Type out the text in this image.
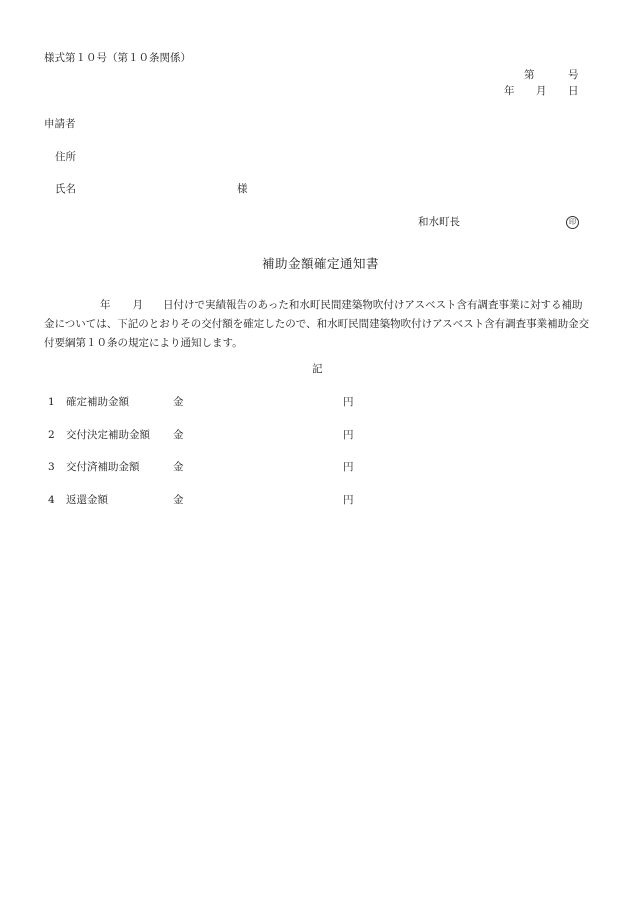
様式第１０号（第１０条関係）
第	号
年 月 日
申請者
住所
氏名	様
和水町長	印
補助金額確定通知書
年 月 日付けで実績報告のあった和水町民間建築物吹付けアスベスト含有調査事業に対する補助金については、下記のとおりその交付額を確定したので、和水町民間建築物吹付けアスベスト含有調査事業補助金交付要綱第１０条の規定により通知します。
記
1 確定補助金額	金	円
2 交付決定補助金額 金	円
3 交付済補助金額	金	円
4 返還金額	金	円
